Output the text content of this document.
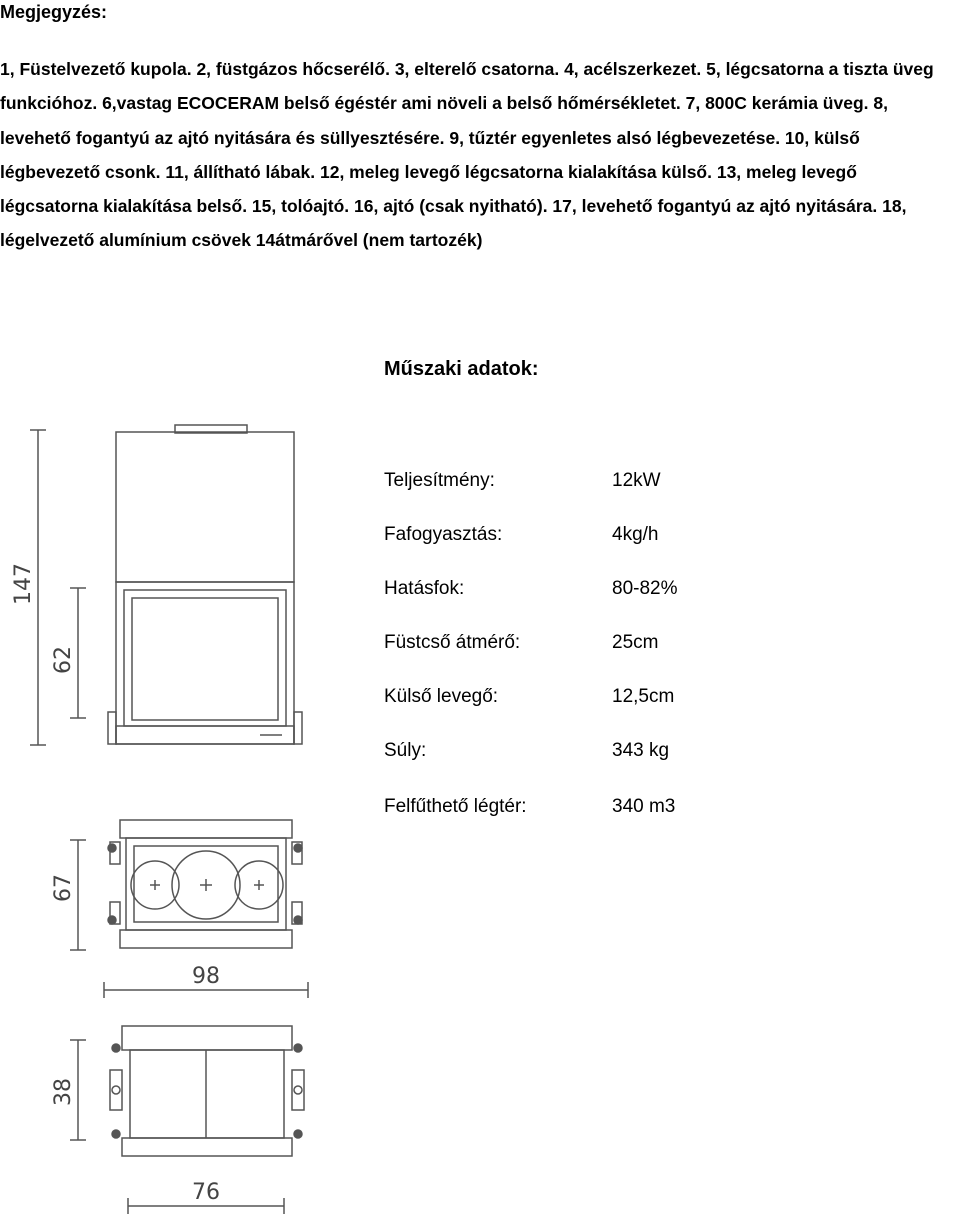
Megjegyzés:
1, Füstelvezető kupola. 2, füstgázos hőcserélő. 3, elterelő csatorna. 4, acélszerkezet. 5, légcsatorna a tiszta üveg funkcióhoz. 6,vastag ECOCERAM belső égéstér ami növeli a belső hőmérsékletet. 7, 800C kerámia üveg. 8, levehető fogantyú az ajtó nyitására és süllyesztésére. 9, tűztér egyenletes alsó légbevezetése. 10, külső légbevezető csonk. 11, állítható lábak. 12, meleg levegő légcsatorna kialakítása külső. 13, meleg levegő légcsatorna kialakítása belső. 15, tolóajtó. 16, ajtó (csak nyitható). 17, levehető fogantyú az ajtó nyitására. 18, légelvezető alumínium csövek 14átmárővel (nem tartozék)
Műszaki adatok:
Teljesítmény:	12kW
Fafogyasztás:	4kg/h
Hatásfok:	80-82%
Füstcső átmérő:	25cm
Külső levegő:	12,5cm
Súly:	343 kg
Felfűthető légtér:	340 m3
147
62
67
98
38
76
